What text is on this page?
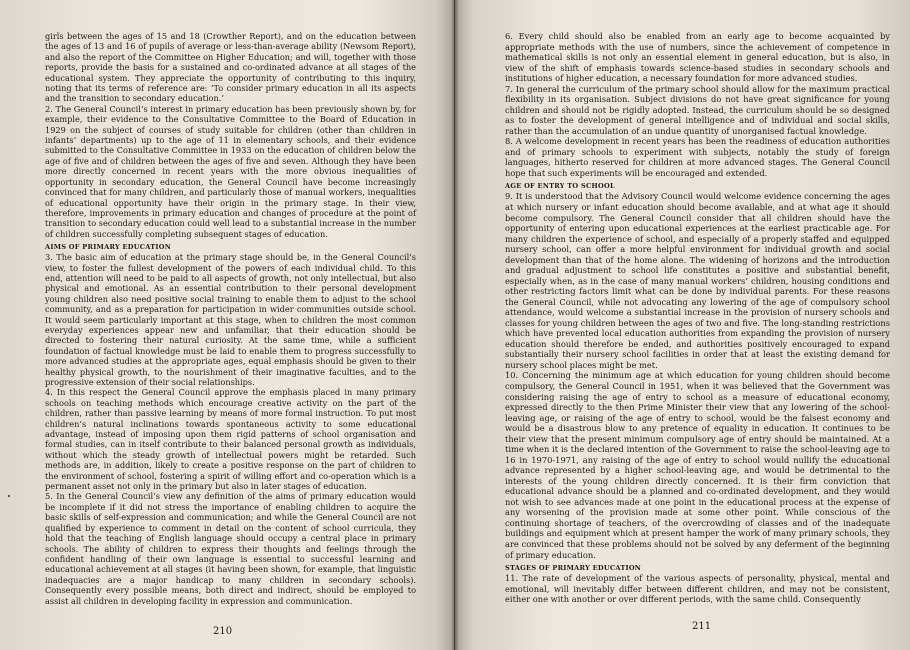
girls between the ages of 15 and 18 (Crowther Report), and on the education between the ages of 13 and 16 of pupils of average or less-than-average ability (Newsom Report), and also the report of the Committee on Higher Education; and will, together with those reports, provide the basis for a sustained and co-ordinated advance at all stages of the educational system. They appreciate the opportunity of contributing to this inquiry, noting that its terms of reference are: ‘To consider primary education in all its aspects and the transition to secondary education.’

2. The General Council’s interest in primary education has been previously shown by, for example, their evidence to the Consultative Committee to the Board of Education in 1929 on the subject of courses of study suitable for children (other than children in infants’ departments) up to the age of 11 in elementary schools, and their evidence submitted to the Consultative Committee in 1933 on the education of children below the age of five and of children between the ages of five and seven. Although they have been more directly concerned in recent years with the more obvious inequalities of opportunity in secondary education, the General Council have become increasingly convinced that for many children, and particularly those of manual workers, inequalities of educational opportunity have their origin in the primary stage. In their view, therefore, improvements in primary education and changes of procedure at the point of transition to secondary education could well lead to a substantial increase in the number of children successfully completing subsequent stages of education.

AIMS OF PRIMARY EDUCATION

3. The basic aim of education at the primary stage should be, in the General Council’s view, to foster the fullest development of the powers of each individual child. To this end, attention will need to be paid to all aspects of growth, not only intellectual, but also physical and emotional. As an essential contribution to their personal development young children also need positive social training to enable them to adjust to the school community, and as a preparation for participation in wider communities outside school. It would seem particularly important at this stage, when to children the most common everyday experiences appear new and unfamiliar, that their education should be directed to fostering their natural curiosity. At the same time, while a sufficient foundation of factual knowledge must be laid to enable them to progress successfully to more advanced studies at the appropriate ages, equal emphasis should be given to their healthy physical growth, to the nourishment of their imaginative faculties, and to the progressive extension of their social relationships.

4. In this respect the General Council approve the emphasis placed in many primary schools on teaching methods which encourage creative activity on the part of the children, rather than passive learning by means of more formal instruction. To put most children’s natural inclinations towards spontaneous activity to some educational advantage, instead of imposing upon them rigid patterns of school organisation and formal studies, can in itself contribute to their balanced personal growth as individuals, without which the steady growth of intellectual powers might be retarded. Such methods are, in addition, likely to create a positive response on the part of children to the environment of school, fostering a spirit of willing effort and co-operation which is a permanent asset not only in the primary but also in later stages of education.

5. In the General Council’s view any definition of the aims of primary education would be incomplete if it did not stress the importance of enabling children to acquire the basic skills of self-expression and communication; and while the General Council are not qualified by experience to comment in detail on the content of school curricula, they hold that the teaching of English language should occupy a central place in primary schools. The ability of children to express their thoughts and feelings through the confident handling of their own language is essential to successful learning and educational achievement at all stages (it having been shown, for example, that linguistic inadequacies are a major handicap to many children in secondary schools). Consequently every possible means, both direct and indirect, should be employed to assist all children in developing facility in expression and communication.

210

6. Every child should also be enabled from an early age to become acquainted by appropriate methods with the use of numbers, since the achievement of competence in mathematical skills is not only an essential element in general education, but is also, in view of the shift of emphasis towards science-based studies in secondary schools and institutions of higher education, a necessary foundation for more advanced studies.

7. In general the curriculum of the primary school should allow for the maximum practical flexibility in its organisation. Subject divisions do not have great significance for young children and should not be rigidly adopted. Instead, the curriculum should be so designed as to foster the development of general intelligence and of individual and social skills, rather than the accumulation of an undue quantity of unorganised factual knowledge.

8. A welcome development in recent years has been the readiness of education authorities and of primary schools to experiment with subjects, notably the study of foreign languages, hitherto reserved for children at more advanced stages. The General Council hope that such experiments will be encouraged and extended.

AGE OF ENTRY TO SCHOOL

9. It is understood that the Advisory Council would welcome evidence concerning the ages at which nursery or infant education should become available, and at what age it should become compulsory. The General Council consider that all children should have the opportunity of entering upon educational experiences at the earliest practicable age. For many children the experience of school, and especially of a properly staffed and equipped nursery school, can offer a more helpful environment for individual growth and social development than that of the home alone. The widening of horizons and the introduction and gradual adjustment to school life constitutes a positive and substantial benefit, especially when, as in the case of many manual workers’ children, housing conditions and other restricting factors limit what can be done by individual parents. For these reasons the General Council, while not advocating any lowering of the age of compulsory school attendance, would welcome a substantial increase in the provision of nursery schools and classes for young children between the ages of two and five. The long-standing restrictions which have prevented local education authorities from expanding the provision of nursery education should therefore be ended, and authorities positively encouraged to expand substantially their nursery school facilities in order that at least the existing demand for nursery school places might be met.

10. Concerning the minimum age at which education for young children should become compulsory, the General Council in 1951, when it was believed that the Government was considering raising the age of entry to school as a measure of educational economy, expressed directly to the then Prime Minister their view that any lowering of the school-leaving age, or raising of the age of entry to school, would be the falsest economy and would be a disastrous blow to any pretence of equality in education. It continues to be their view that the present minimum compulsory age of entry should be maintained. At a time when it is the declared intention of the Government to raise the school-leaving age to 16 in 1970-1971, any raising of the age of entry to school would nullify the educational advance represented by a higher school-leaving age, and would be detrimental to the interests of the young children directly concerned. It is their firm conviction that educational advance should be a planned and co-ordinated development, and they would not wish to see advances made at one point in the educational process at the expense of any worsening of the provision made at some other point. While conscious of the continuing shortage of teachers, of the overcrowding of classes and of the inadequate buildings and equipment which at present hamper the work of many primary schools, they are convinced that these problems should not be solved by any deferment of the beginning of primary education.

STAGES OF PRIMARY EDUCATION

11. The rate of development of the various aspects of personality, physical, mental and emotional, will inevitably differ between different children, and may not be consistent, either one with another or over different periods, with the same child. Consequently

211
